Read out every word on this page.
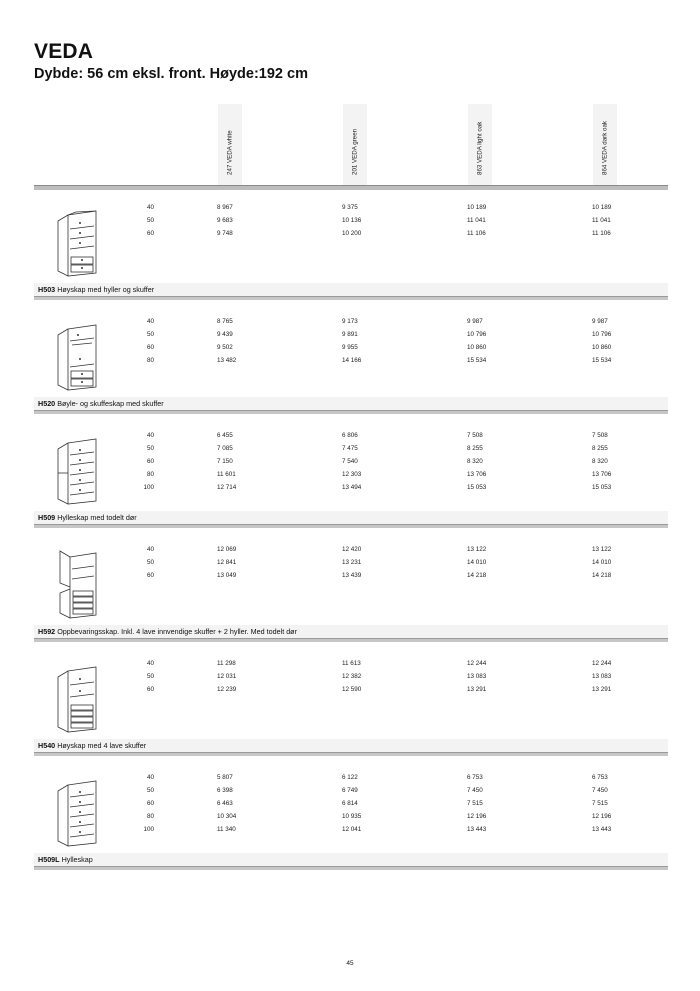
VEDA
Dybde: 56 cm eksl. front. Høyde:192 cm
247 VEDA white	201 VEDA green	863 VEDA light oak	864 VEDA dark oak
40	8 967	9 375	10 189	10 189
50	9 683	10 136	11 041	11 041
60	9 748	10 200	11 106	11 106
H503 Høyskap med hyller og skuffer
40	8 765	9 173	9 987	9 987
50	9 439	9 891	10 796	10 796
60	9 502	9 955	10 860	10 860
80	13 482	14 166	15 534	15 534
H520 Bøyle- og skuffeskap med skuffer
40	6 455	6 806	7 508	7 508
50	7 085	7 475	8 255	8 255
60	7 150	7 540	8 320	8 320
80	11 601	12 303	13 706	13 706
100	12 714	13 494	15 053	15 053
H509 Hylleskap med todelt dør
40	12 069	12 420	13 122	13 122
50	12 841	13 231	14 010	14 010
60	13 049	13 439	14 218	14 218
H592 Oppbevaringsskap. Inkl. 4 lave innvendige skuffer + 2 hyller. Med todelt dør
40	11 298	11 613	12 244	12 244
50	12 031	12 382	13 083	13 083
60	12 239	12 590	13 291	13 291
H540 Høyskap med 4 lave skuffer
40	5 807	6 122	6 753	6 753
50	6 398	6 749	7 450	7 450
60	6 463	6 814	7 515	7 515
80	10 304	10 935	12 196	12 196
100	11 340	12 041	13 443	13 443
H509L Hylleskap
45
